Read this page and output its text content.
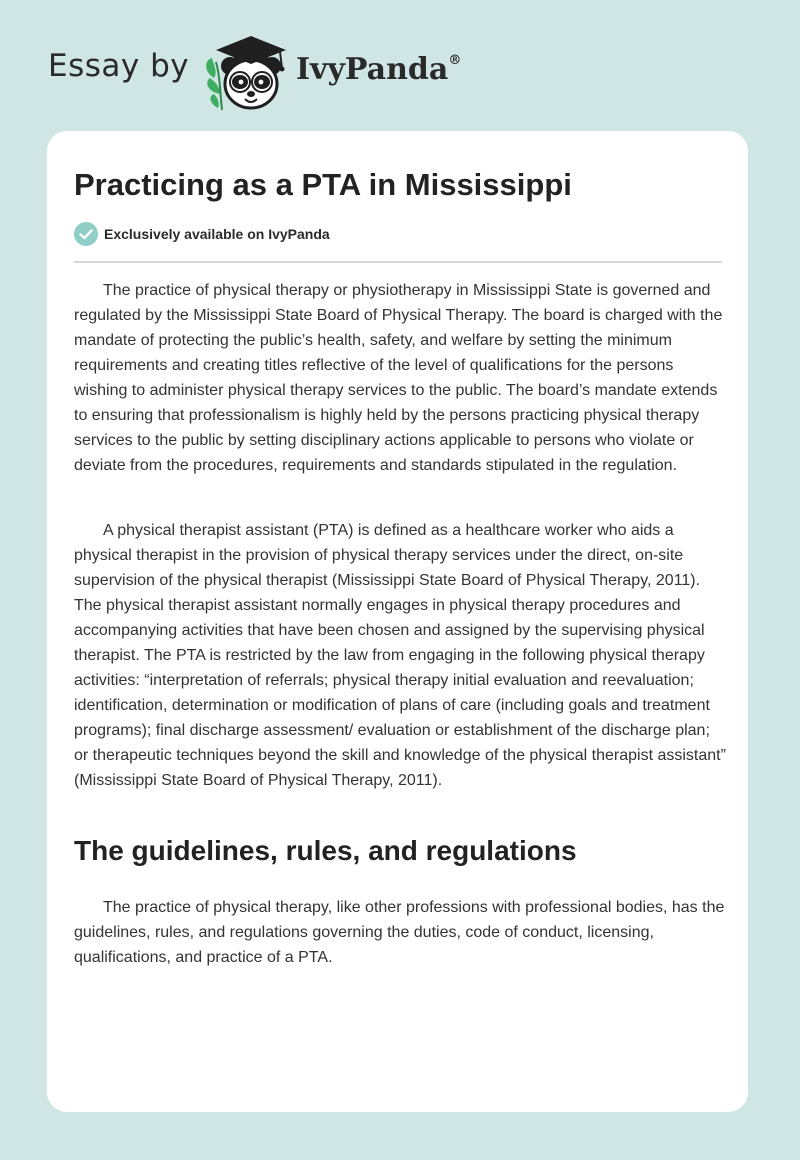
Essay by	IvyPanda®
Practicing as a PTA in Mississippi
Exclusively available on IvyPanda

The practice of physical therapy or physiotherapy in Mississippi State is governed and regulated by the Mississippi State Board of Physical Therapy. The board is charged with the mandate of protecting the public’s health, safety, and welfare by setting the minimum requirements and creating titles reflective of the level of qualifications for the persons wishing to administer physical therapy services to the public. The board’s mandate extends to ensuring that professionalism is highly held by the persons practicing physical therapy services to the public by setting disciplinary actions applicable to persons who violate or deviate from the procedures, requirements and standards stipulated in the regulation.

A physical therapist assistant (PTA) is defined as a healthcare worker who aids a physical therapist in the provision of physical therapy services under the direct, on-site supervision of the physical therapist (Mississippi State Board of Physical Therapy, 2011). The physical therapist assistant normally engages in physical therapy procedures and accompanying activities that have been chosen and assigned by the supervising physical therapist. The PTA is restricted by the law from engaging in the following physical therapy activities: “interpretation of referrals; physical therapy initial evaluation and reevaluation; identification, determination or modification of plans of care (including goals and treatment programs); final discharge assessment/ evaluation or establishment of the discharge plan; or therapeutic techniques beyond the skill and knowledge of the physical therapist assistant” (Mississippi State Board of Physical Therapy, 2011).

The guidelines, rules, and regulations

The practice of physical therapy, like other professions with professional bodies, has the guidelines, rules, and regulations governing the duties, code of conduct, licensing, qualifications, and practice of a PTA.
